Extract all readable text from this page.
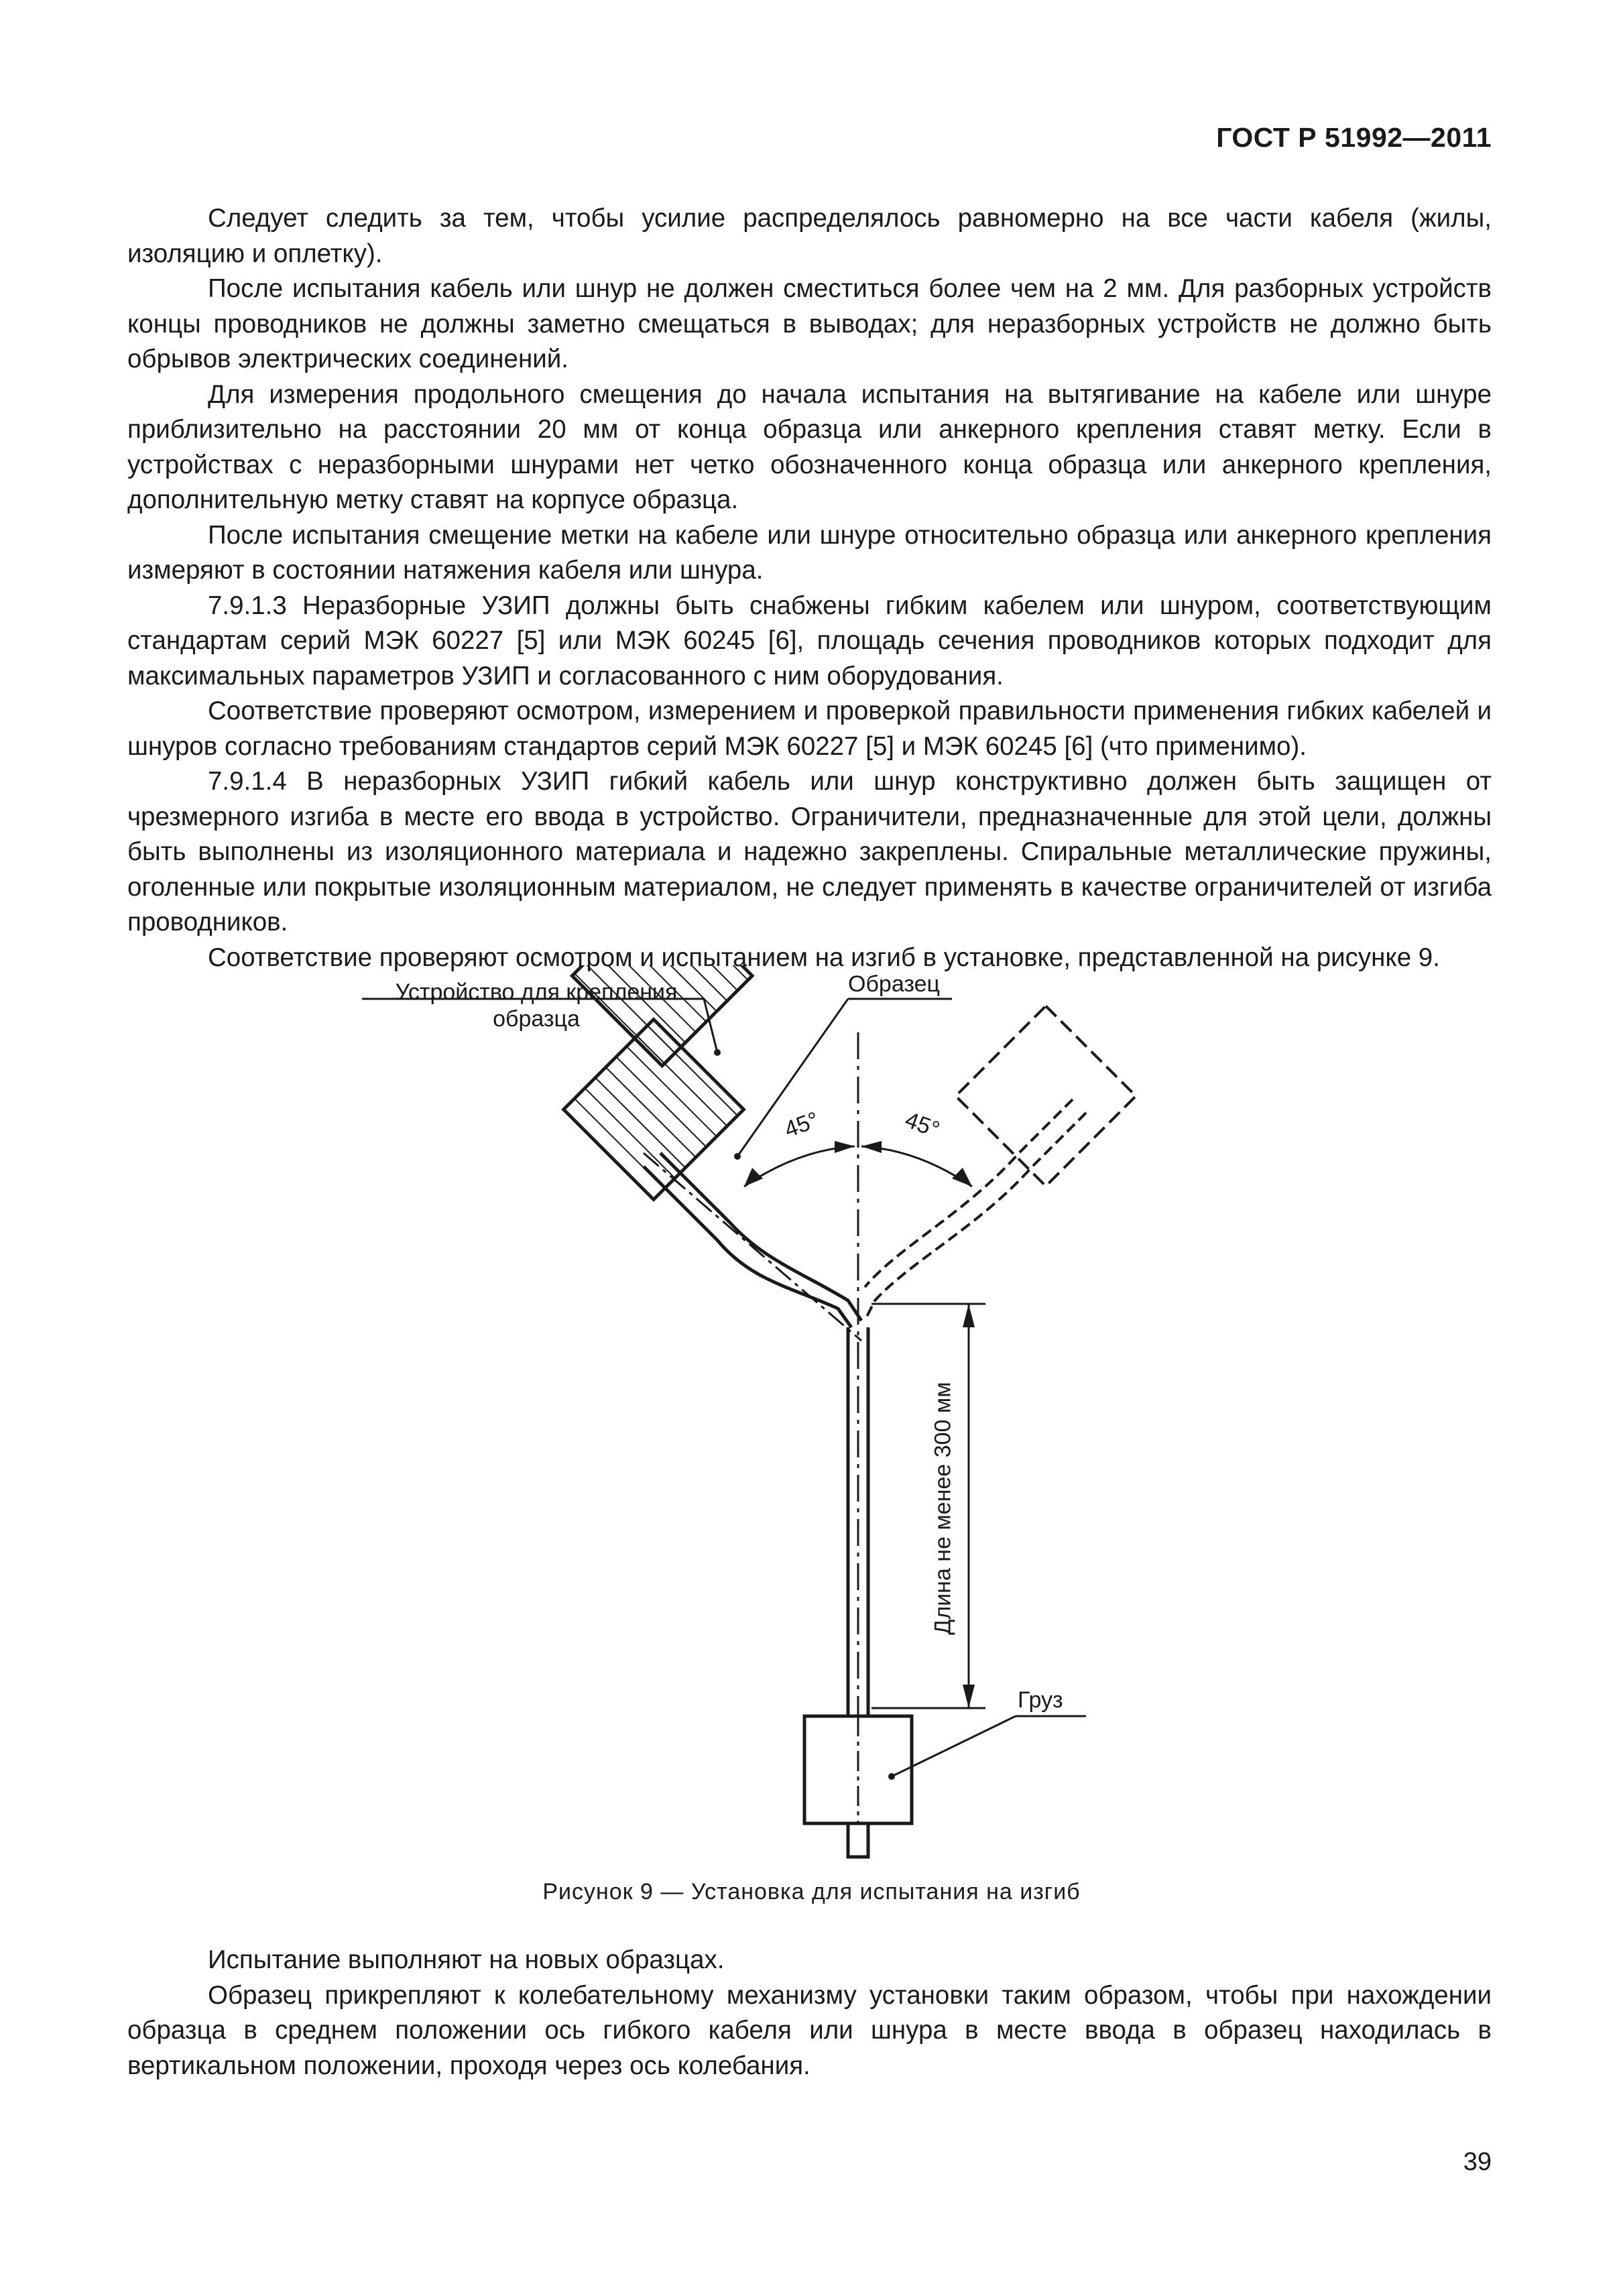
ГОСТ Р 51992—2011

Следует следить за тем, чтобы усилие распределялось равномерно на все части кабеля (жилы, изоляцию и оплетку).

После испытания кабель или шнур не должен сместиться более чем на 2 мм. Для разборных устройств концы проводников не должны заметно смещаться в выводах; для неразборных устройств не должно быть обрывов электрических соединений.

Для измерения продольного смещения до начала испытания на вытягивание на кабеле или шнуре приблизительно на расстоянии 20 мм от конца образца или анкерного крепления ставят метку. Если в устройствах с неразборными шнурами нет четко обозначенного конца образца или анкерного крепления, дополнительную метку ставят на корпусе образца.

После испытания смещение метки на кабеле или шнуре относительно образца или анкерного крепления измеряют в состоянии натяжения кабеля или шнура.

7.9.1.3 Неразборные УЗИП должны быть снабжены гибким кабелем или шнуром, соответствующим стандартам серий МЭК 60227 [5] или МЭК 60245 [6], площадь сечения проводников которых подходит для максимальных параметров УЗИП и согласованного с ним оборудования.

Соответствие проверяют осмотром, измерением и проверкой правильности применения гибких кабелей и шнуров согласно требованиям стандартов серий МЭК 60227 [5] и МЭК 60245 [6] (что применимо).

7.9.1.4 В неразборных УЗИП гибкий кабель или шнур конструктивно должен быть защищен от чрезмерного изгиба в месте его ввода в устройство. Ограничители, предназначенные для этой цели, должны быть выполнены из изоляционного материала и надежно закреплены. Спиральные металлические пружины, оголенные или покрытые изоляционным материалом, не следует применять в качестве ограничителей от изгиба проводников.

Соответствие проверяют осмотром и испытанием на изгиб в установке, представленной на рисунке 9.

Устройство для крепления образца
Образец
45°	45°
Длина не менее 300 мм
Груз
Рисунок 9 — Установка для испытания на изгиб

Испытание выполняют на новых образцах.

Образец прикрепляют к колебательному механизму установки таким образом, чтобы при нахождении образца в среднем положении ось гибкого кабеля или шнура в месте ввода в образец находилась в вертикальном положении, проходя через ось колебания.

39
